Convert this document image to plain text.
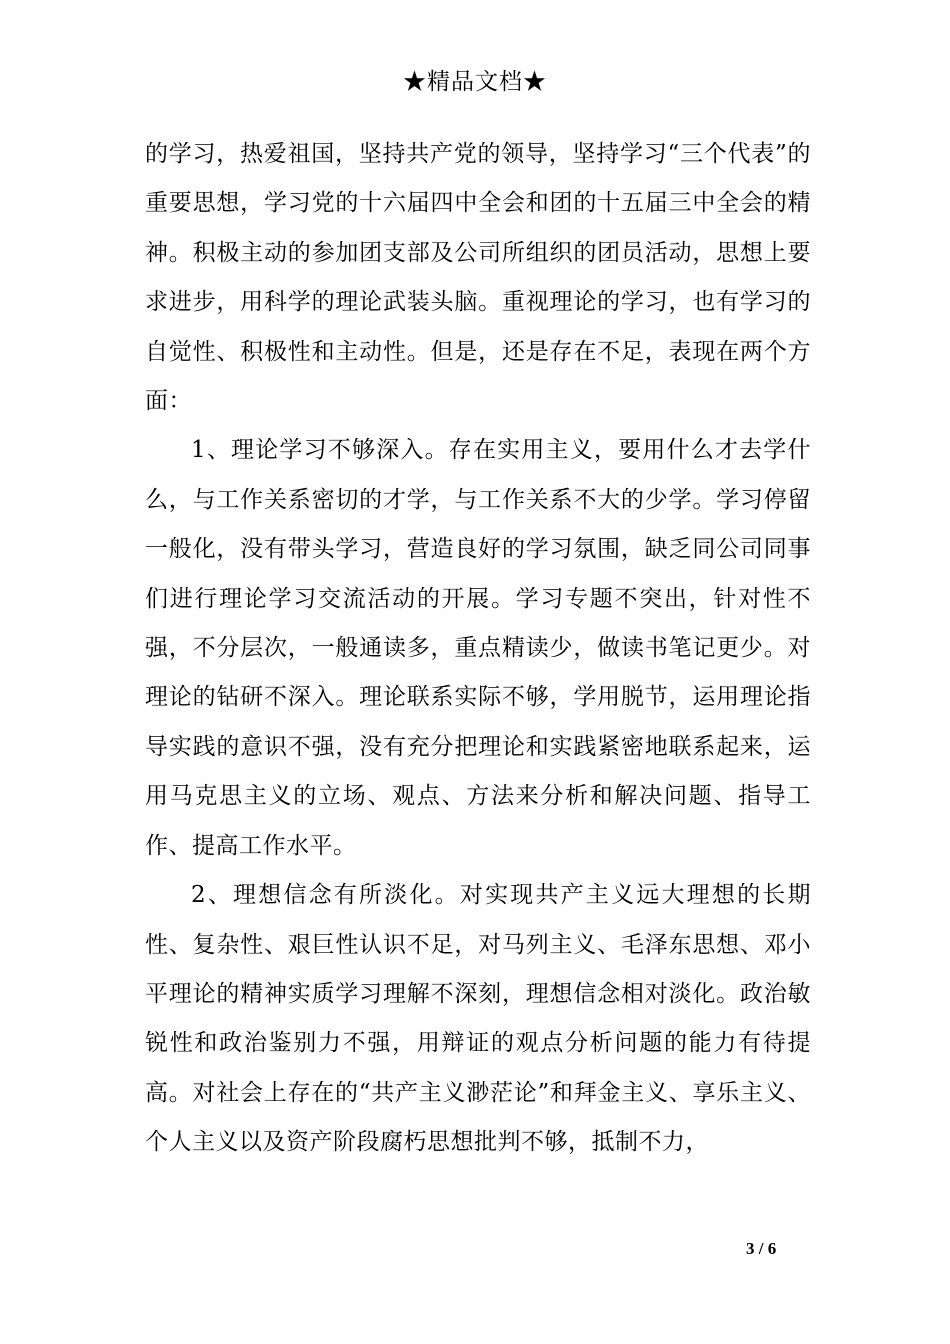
★精品文档★

的学习，热爱祖国，坚持共产党的领导，坚持学习“三个代表”的重要思想，学习党的十六届四中全会和团的十五届三中全会的精神。积极主动的参加团支部及公司所组织的团员活动，思想上要求进步，用科学的理论武装头脑。重视理论的学习，也有学习的自觉性、积极性和主动性。但是，还是存在不足，表现在两个方面：

1、理论学习不够深入。存在实用主义，要用什么才去学什么，与工作关系密切的才学，与工作关系不大的少学。学习停留一般化，没有带头学习，营造良好的学习氛围，缺乏同公司同事们进行理论学习交流活动的开展。学习专题不突出，针对性不强，不分层次，一般通读多，重点精读少，做读书笔记更少。对理论的钻研不深入。理论联系实际不够，学用脱节，运用理论指导实践的意识不强，没有充分把理论和实践紧密地联系起来，运用马克思主义的立场、观点、方法来分析和解决问题、指导工作、提高工作水平。

2、理想信念有所淡化。对实现共产主义远大理想的长期性、复杂性、艰巨性认识不足，对马列主义、毛泽东思想、邓小平理论的精神实质学习理解不深刻，理想信念相对淡化。政治敏锐性和政治鉴别力不强，用辩证的观点分析问题的能力有待提高。对社会上存在的“共产主义渺茫论”和拜金主义、享乐主义、个人主义以及资产阶段腐朽思想批判不够，抵制不力，

3 / 6
